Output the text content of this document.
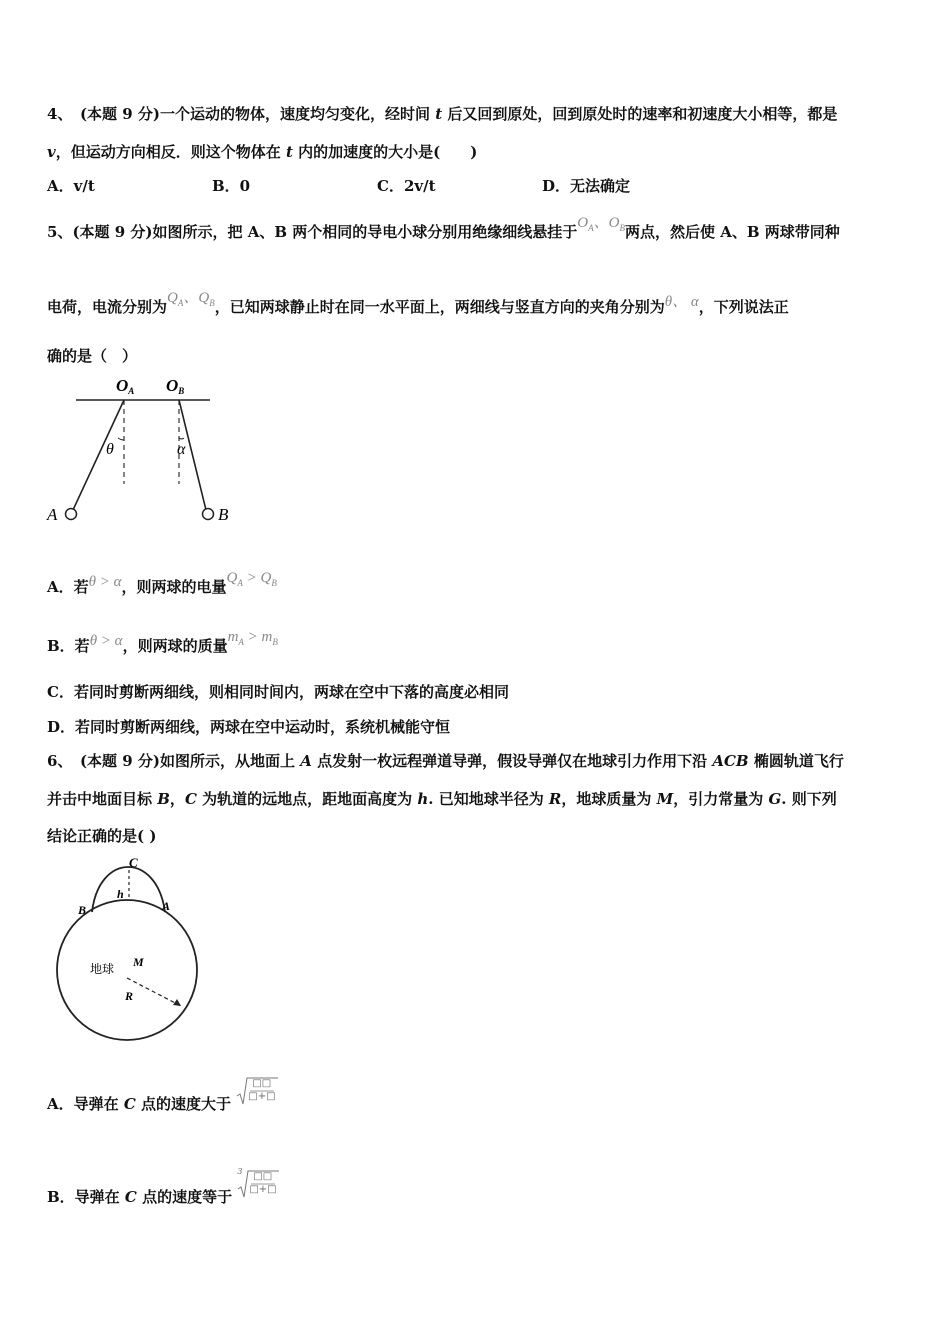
4、　 (本题 9 分)一个运动的物体，速度均匀变化，经时间 t 后又回到原处，回到原处时的速率和初速度大小相等，都是
v，但运动方向相反．则这个物体在 t 内的加速度的大小是(　　)
A．v/t	B．0	C．2v/t	D．无法确定
5、(本题 9 分)如图所示，把 A、B 两个相同的导电小球分别用绝缘细线悬挂于$O_A$、$O_B$两点，然后使 A、B 两球带同种
电荷，电流分别为$Q_A$、$Q_B$，已知两球静止时在同一水平面上，两细线与竖直方向的夹角分别为θ、 α，下列说法正
确的是（　）
OA OB
θ	α
A	B
A．若θ > α，则两球的电量$Q_A > Q_B$
B．若θ > α，则两球的质量$m_A > m_B$
C．若同时剪断两细线，则相同时间内，两球在空中下落的高度必相同
D．若同时剪断两细线，两球在空中运动时，系统机械能守恒
6、　 (本题 9 分)如图所示，从地面上 A 点发射一枚远程弹道导弹，假设导弹仅在地球引力作用下沿 ACB 椭圆轨道飞行
并击中地面目标 B，C 为轨道的远地点，距地面高度为 h. 已知地球半径为 R，地球质量为 M，引力常量为 G. 则下列
结论正确的是( )
C
h
B	A
地球 M
R
A．导弹在 C 点的速度大于
□□
□+□
B．导弹在 C 点的速度等于
3 □□
□+□
